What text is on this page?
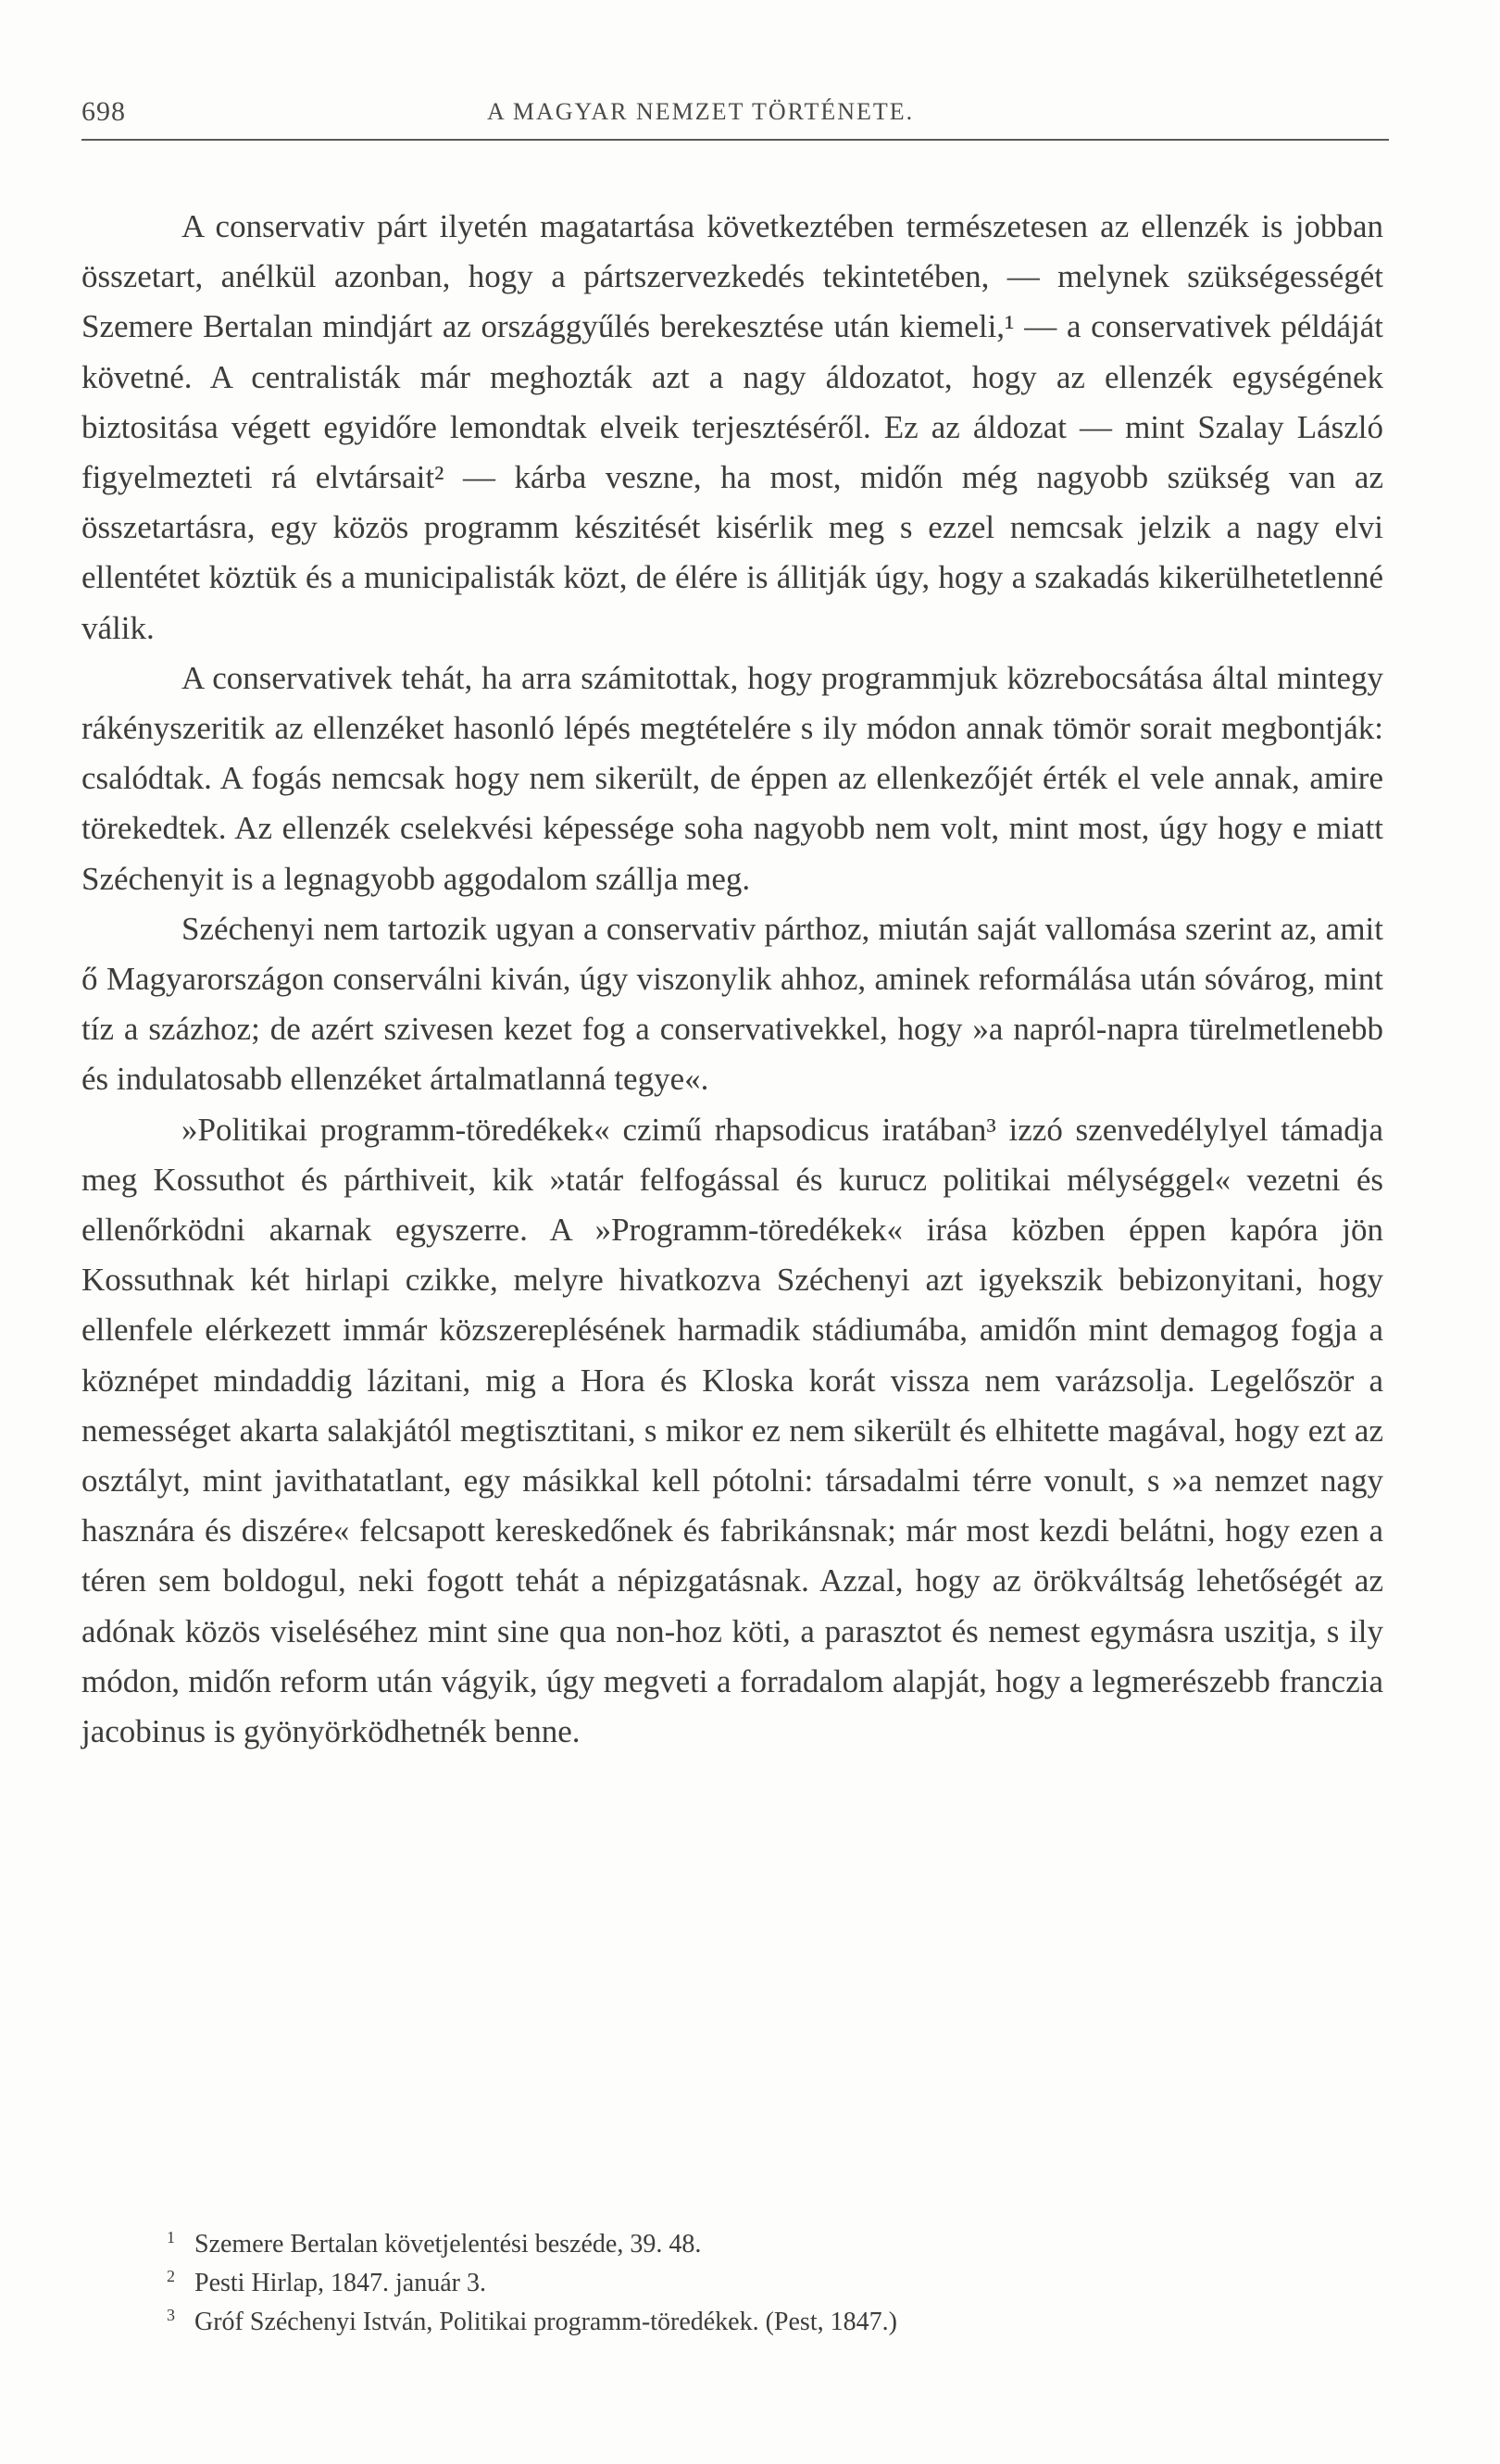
698	A MAGYAR NEMZET TÖRTÉNETE.

A conservativ párt ilyetén magatartása következtében természetesen az ellenzék is jobban összetart, anélkül azonban, hogy a pártszervezkedés tekintetében, — melynek szükségességét Szemere Bertalan mindjárt az országgyűlés berekesztése után kiemeli,¹ — a conservativek példáját követné. A centralisták már meghozták azt a nagy áldozatot, hogy az ellenzék egységének biztositása végett egyidőre lemondtak elveik terjesztéséről. Ez az áldozat — mint Szalay László figyelmezteti rá elvtársait² — kárba veszne, ha most, midőn még nagyobb szükség van az összetartásra, egy közös programm készitését kisérlik meg s ezzel nemcsak jelzik a nagy elvi ellentétet köztük és a municipalisták közt, de élére is állitják úgy, hogy a szakadás kikerülhetetlenné válik.

A conservativek tehát, ha arra számitottak, hogy programmjuk közrebocsátása által mintegy rákényszeritik az ellenzéket hasonló lépés megtételére s ily módon annak tömör sorait megbontják: csalódtak. A fogás nemcsak hogy nem sikerült, de éppen az ellenkezőjét érték el vele annak, amire törekedtek. Az ellenzék cselekvési képessége soha nagyobb nem volt, mint most, úgy hogy e miatt Széchenyit is a legnagyobb aggodalom szállja meg.

Széchenyi nem tartozik ugyan a conservativ párthoz, miután saját vallomása szerint az, amit ő Magyarországon conserválni kiván, úgy viszonylik ahhoz, aminek reformálása után sóvárog, mint tíz a százhoz; de azért szivesen kezet fog a conservativekkel, hogy »a napról-napra türelmetlenebb és indulatosabb ellenzéket ártalmatlanná tegye«.

»Politikai programm-töredékek« czimű rhapsodicus iratában³ izzó szenvedélylyel támadja meg Kossuthot és párthiveit, kik »tatár felfogással és kurucz politikai mélységgel« vezetni és ellenőrködni akarnak egyszerre. A »Programm-töredékek« irása közben éppen kapóra jön Kossuthnak két hirlapi czikke, melyre hivatkozva Széchenyi azt igyekszik bebizonyitani, hogy ellenfele elérkezett immár közszereplésének harmadik stádiumába, amidőn mint demagog fogja a köznépet mindaddig lázitani, mig a Hora és Kloska korát vissza nem varázsolja. Legelőször a nemességet akarta salakjától megtisztitani, s mikor ez nem sikerült és elhitette magával, hogy ezt az osztályt, mint javithatatlant, egy másikkal kell pótolni: társadalmi térre vonult, s »a nemzet nagy hasznára és diszére« felcsapott kereskedőnek és fabrikánsnak; már most kezdi belátni, hogy ezen a téren sem boldogul, neki fogott tehát a népizgatásnak. Azzal, hogy az örökváltság lehetőségét az adónak közös viseléséhez mint sine qua non-hoz köti, a parasztot és nemest egymásra uszitja, s ily módon, midőn reform után vágyik, úgy megveti a forradalom alapját, hogy a legmerészebb franczia jacobinus is gyönyörködhetnék benne.

$^1$ Szemere Bertalan követjelentési beszéde, 39. 48.

$^2$ Pesti Hirlap, 1847. január 3.

$^3$ Gróf Széchenyi István, Politikai programm-töredékek. (Pest, 1847.)
